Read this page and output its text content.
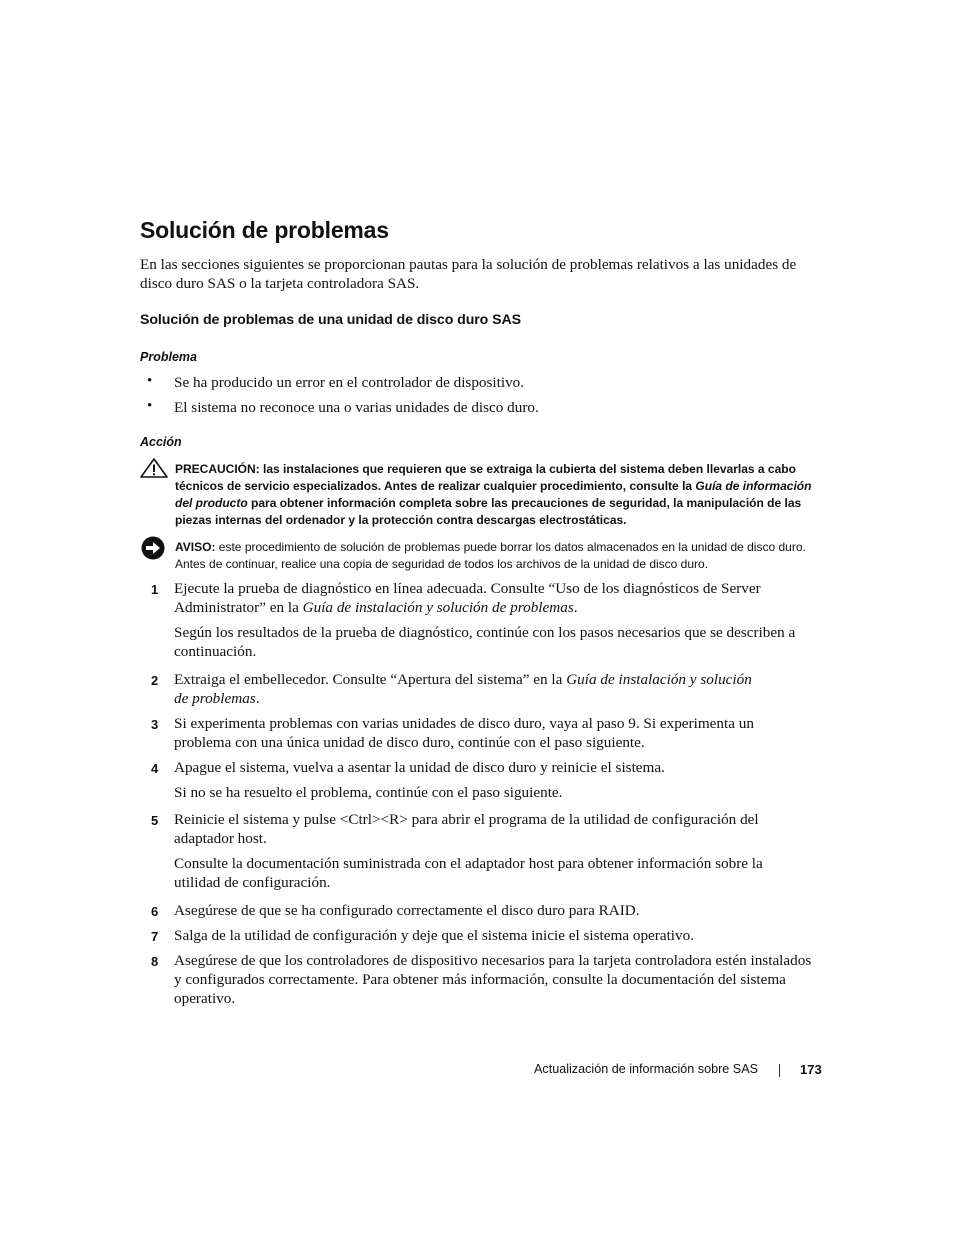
Solución de problemas
En las secciones siguientes se proporcionan pautas para la solución de problemas relativos a las unidades de disco duro SAS o la tarjeta controladora SAS.
Solución de problemas de una unidad de disco duro SAS
Problema
• Se ha producido un error en el controlador de dispositivo.
• El sistema no reconoce una o varias unidades de disco duro.
Acción
PRECAUCIÓN: las instalaciones que requieren que se extraiga la cubierta del sistema deben llevarlas a cabo técnicos de servicio especializados. Antes de realizar cualquier procedimiento, consulte la Guía de información del producto para obtener información completa sobre las precauciones de seguridad, la manipulación de las piezas internas del ordenador y la protección contra descargas electrostáticas.
AVISO: este procedimiento de solución de problemas puede borrar los datos almacenados en la unidad de disco duro. Antes de continuar, realice una copia de seguridad de todos los archivos de la unidad de disco duro.
1 Ejecute la prueba de diagnóstico en línea adecuada. Consulte “Uso de los diagnósticos de Server Administrator” en la Guía de instalación y solución de problemas.
Según los resultados de la prueba de diagnóstico, continúe con los pasos necesarios que se describen a continuación.
2 Extraiga el embellecedor. Consulte “Apertura del sistema” en la Guía de instalación y solución de problemas.
3 Si experimenta problemas con varias unidades de disco duro, vaya al paso 9. Si experimenta un problema con una única unidad de disco duro, continúe con el paso siguiente.
4 Apague el sistema, vuelva a asentar la unidad de disco duro y reinicie el sistema.
Si no se ha resuelto el problema, continúe con el paso siguiente.
5 Reinicie el sistema y pulse <Ctrl><R> para abrir el programa de la utilidad de configuración del adaptador host.
Consulte la documentación suministrada con el adaptador host para obtener información sobre la utilidad de configuración.
6 Asegúrese de que se ha configurado correctamente el disco duro para RAID.
7 Salga de la utilidad de configuración y deje que el sistema inicie el sistema operativo.
8 Asegúrese de que los controladores de dispositivo necesarios para la tarjeta controladora estén instalados y configurados correctamente. Para obtener más información, consulte la documentación del sistema operativo.
Actualización de información sobre SAS	173
